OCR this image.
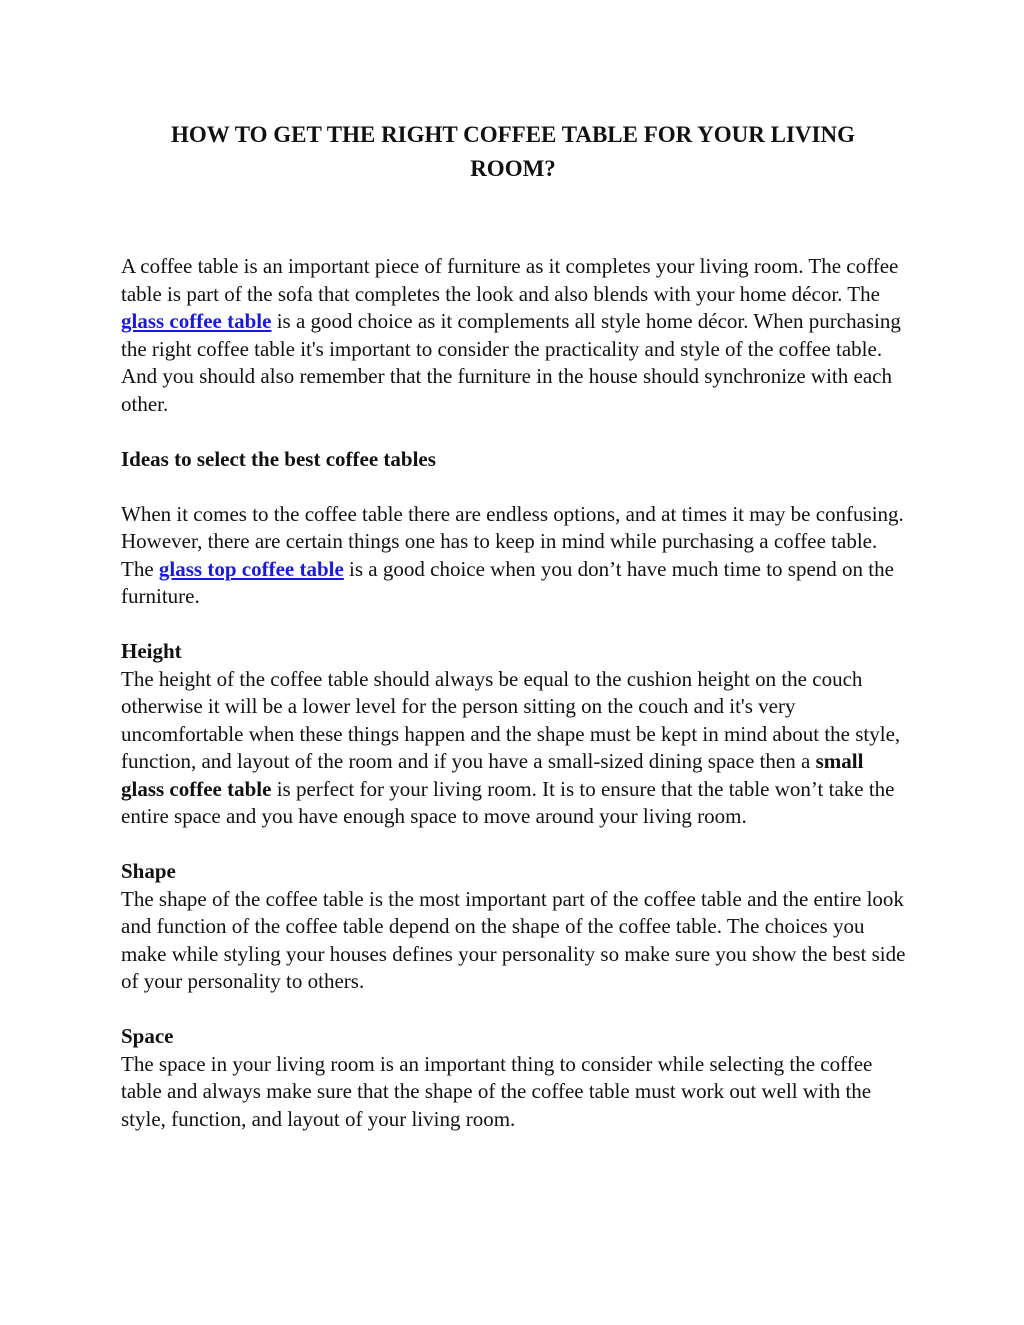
HOW TO GET THE RIGHT COFFEE TABLE FOR YOUR LIVING ROOM?

A coffee table is an important piece of furniture as it completes your living room. The coffee table is part of the sofa that completes the look and also blends with your home décor. The glass coffee table is a good choice as it complements all style home décor. When purchasing the right coffee table it's important to consider the practicality and style of the coffee table. And you should also remember that the furniture in the house should synchronize with each other.

Ideas to select the best coffee tables

When it comes to the coffee table there are endless options, and at times it may be confusing. However, there are certain things one has to keep in mind while purchasing a coffee table. The glass top coffee table is a good choice when you don’t have much time to spend on the furniture.

Height

The height of the coffee table should always be equal to the cushion height on the couch otherwise it will be a lower level for the person sitting on the couch and it's very uncomfortable when these things happen and the shape must be kept in mind about the style, function, and layout of the room and if you have a small-sized dining space then a small glass coffee table is perfect for your living room. It is to ensure that the table won’t take the entire space and you have enough space to move around your living room.

Shape

The shape of the coffee table is the most important part of the coffee table and the entire look and function of the coffee table depend on the shape of the coffee table. The choices you make while styling your houses defines your personality so make sure you show the best side of your personality to others.

Space

The space in your living room is an important thing to consider while selecting the coffee table and always make sure that the shape of the coffee table must work out well with the style, function, and layout of your living room.
